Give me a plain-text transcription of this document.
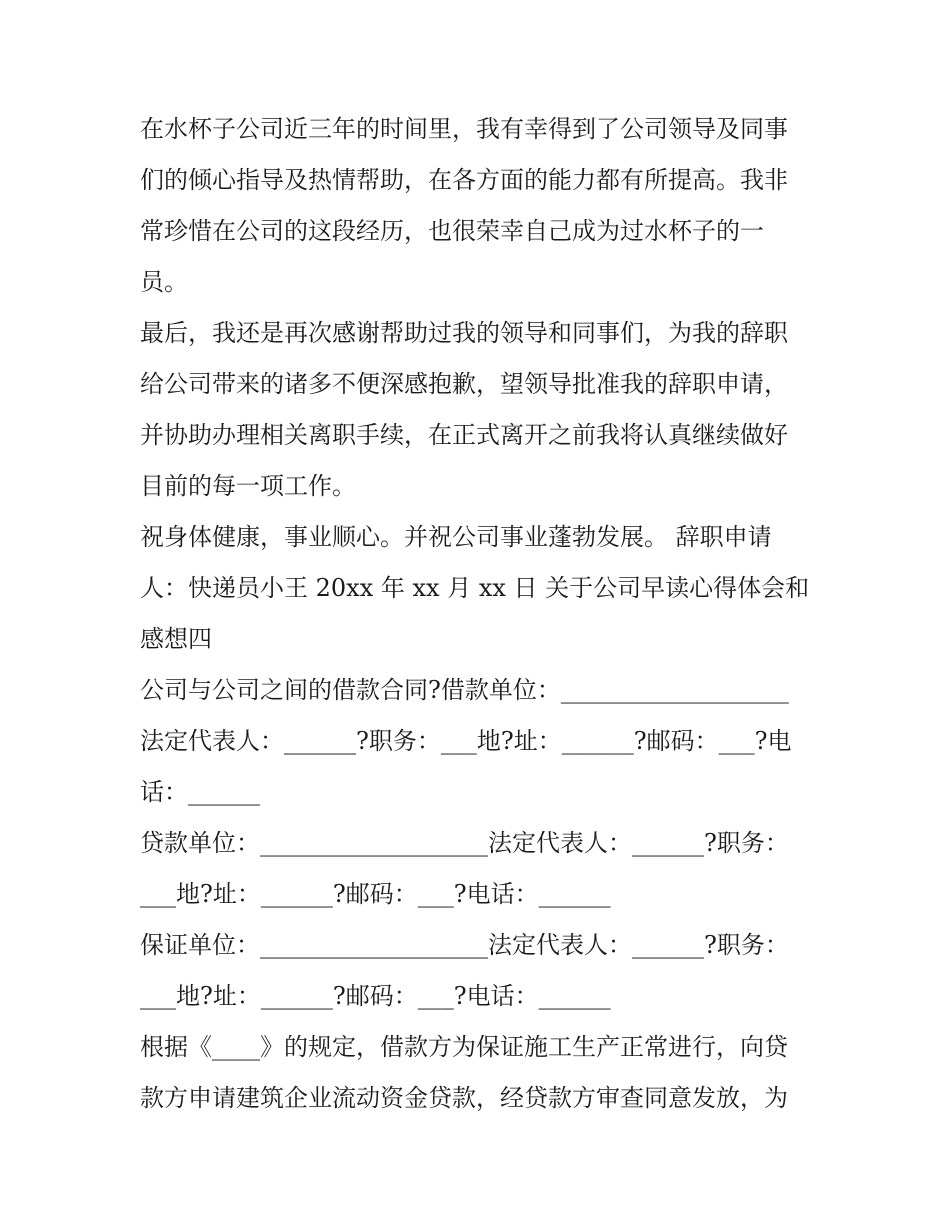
在水杯子公司近三年的时间里，我有幸得到了公司领导及同事
们的倾心指导及热情帮助，在各方面的能力都有所提高。我非
常珍惜在公司的这段经历，也很荣幸自己成为过水杯子的一
员。
最后，我还是再次感谢帮助过我的领导和同事们，为我的辞职
给公司带来的诸多不便深感抱歉，望领导批准我的辞职申请，
并协助办理相关离职手续，在正式离开之前我将认真继续做好
目前的每一项工作。
祝身体健康，事业顺心。并祝公司事业蓬勃发展。 辞职申请
人：快递员小王 20xx 年 xx 月 xx 日 关于公司早读心得体会和
感想四
公司与公司之间的借款合同?借款单位：___________________
法定代表人：______?职务：___地?址：______?邮码：___?电
话：______
贷款单位：___________________法定代表人：______?职务：
___地?址：______?邮码：___?电话：______
保证单位：___________________法定代表人：______?职务：
___地?址：______?邮码：___?电话：______
根据《____》的规定，借款方为保证施工生产正常进行，向贷
款方申请建筑企业流动资金贷款，经贷款方审查同意发放，为
